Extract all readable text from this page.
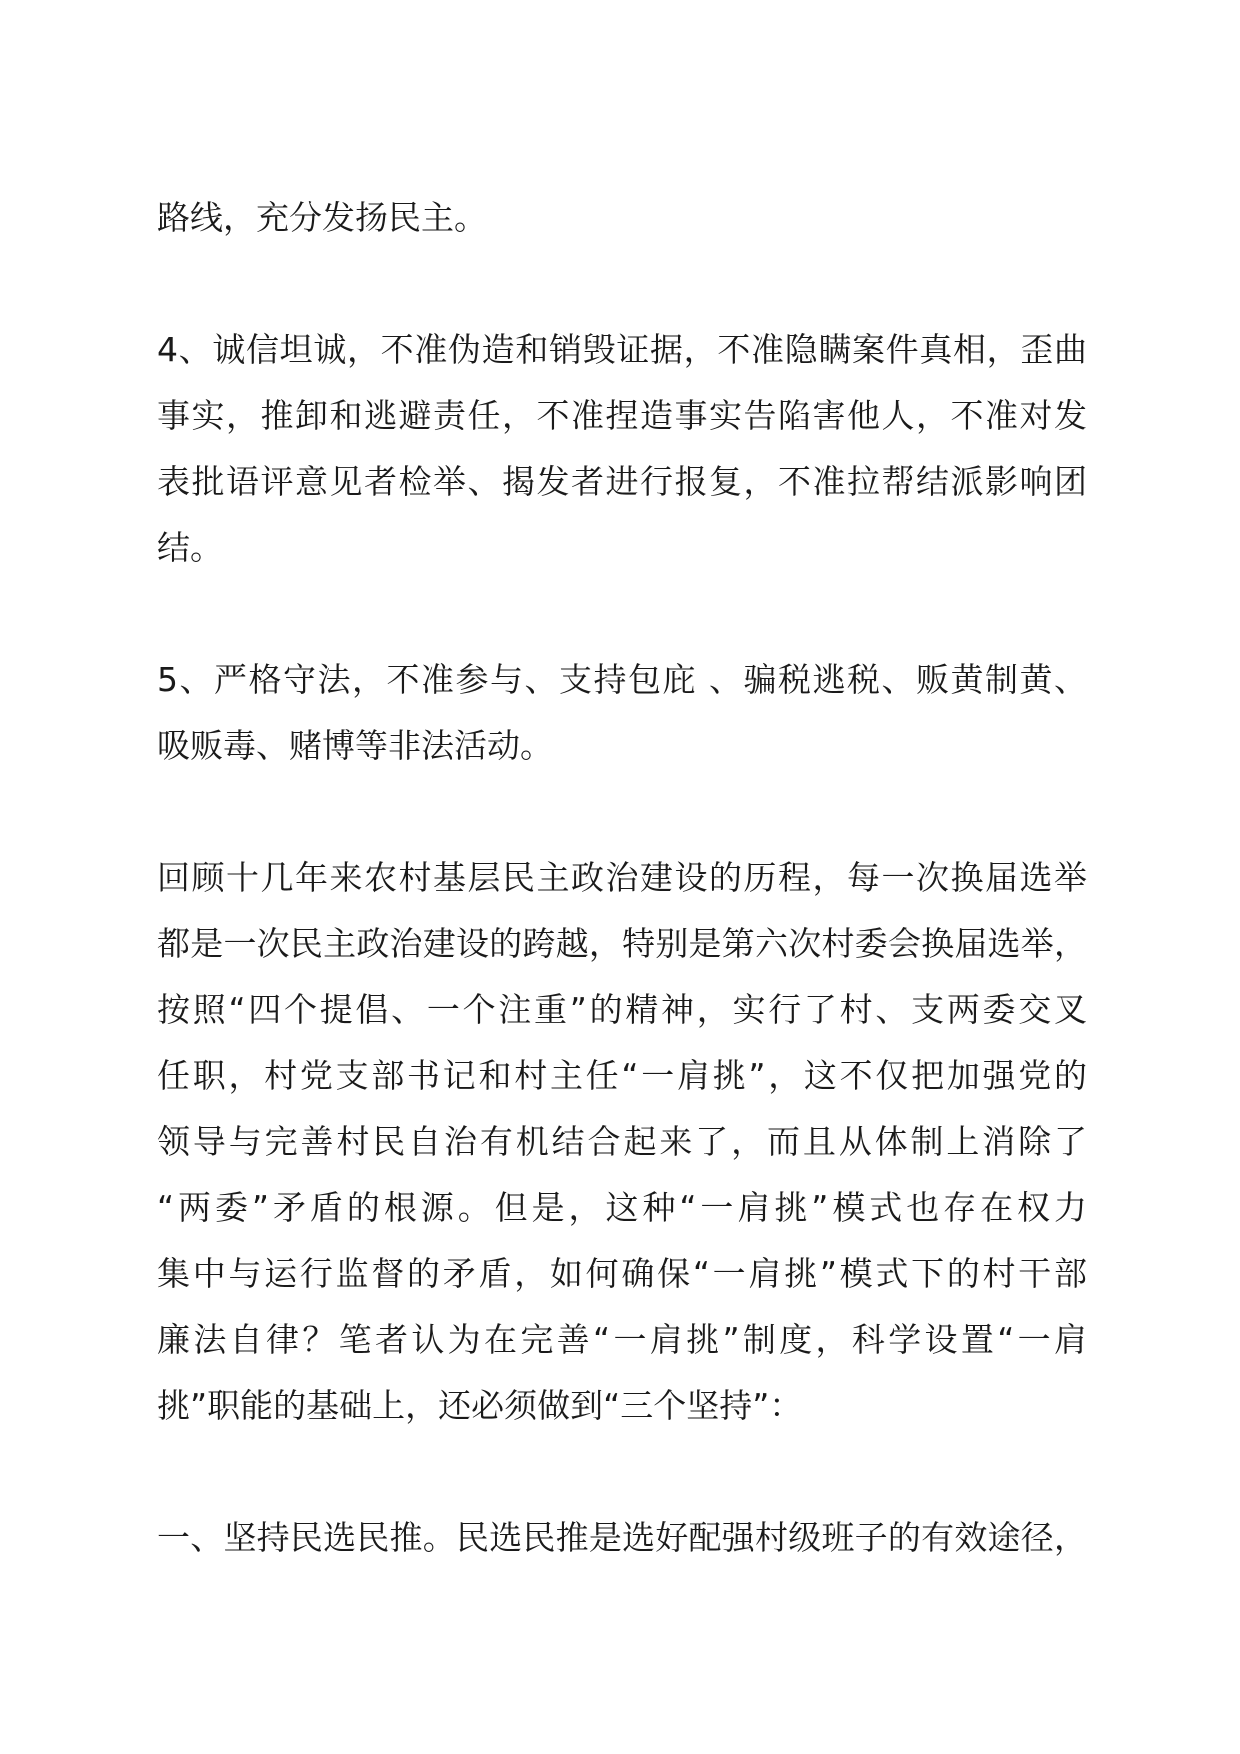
路线，充分发扬民主。
4、诚信坦诚，不准伪造和销毁证据，不准隐瞒案件真相，歪曲
事实，推卸和逃避责任，不准捏造事实告陷害他人，不准对发
表批语评意见者检举、揭发者进行报复，不准拉帮结派影响团
结。
5、严格守法，不准参与、支持包庇 、骗税逃税、贩黄制黄、
吸贩毒、赌博等非法活动。
回顾十几年来农村基层民主政治建设的历程，每一次换届选举
都是一次民主政治建设的跨越，特别是第六次村委会换届选举，
按照“四个提倡、一个注重”的精神，实行了村、支两委交叉
任职，村党支部书记和村主任“一肩挑”，这不仅把加强党的
领导与完善村民自治有机结合起来了，而且从体制上消除了
“两委”矛盾的根源。但是，这种“一肩挑”模式也存在权力
集中与运行监督的矛盾，如何确保“一肩挑”模式下的村干部
廉法自律？笔者认为在完善“一肩挑”制度，科学设置“一肩
挑”职能的基础上，还必须做到“三个坚持”：
一、坚持民选民推。民选民推是选好配强村级班子的有效途径，
